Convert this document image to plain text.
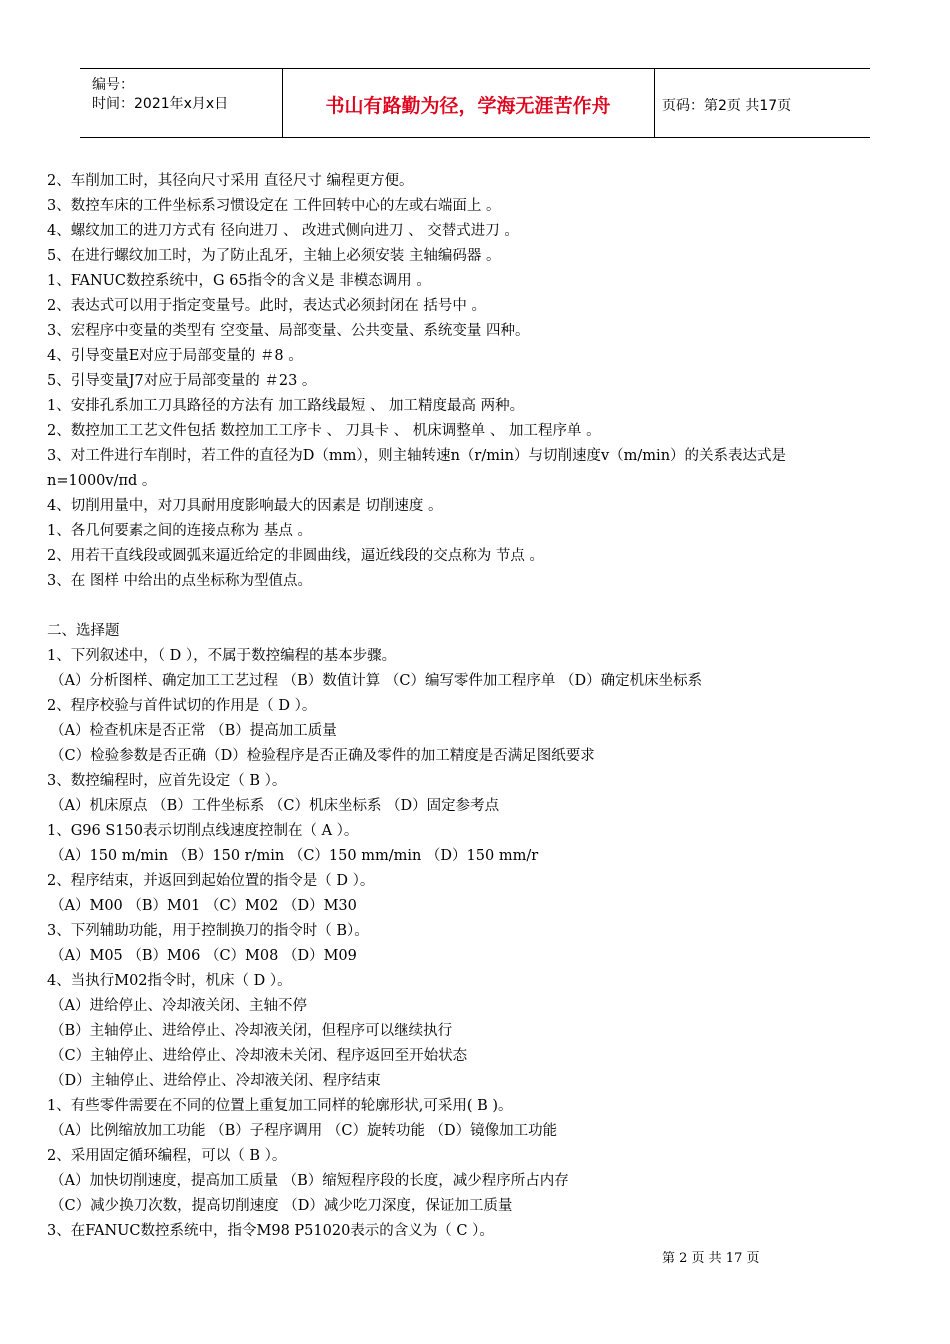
编号：
时间：2021年x月x日	书山有路勤为径，学海无涯苦作舟	页码：第2页 共17页
2、车削加工时，其径向尺寸采用 直径尺寸 编程更方便。
3、数控车床的工件坐标系习惯设定在 工件回转中心的左或右端面上 。
4、螺纹加工的进刀方式有 径向进刀 、 改进式侧向进刀 、 交替式进刀 。
5、在进行螺纹加工时，为了防止乱牙，主轴上必须安装 主轴编码器 。
1、FANUC数控系统中，G 65指令的含义是 非模态调用 。
2、表达式可以用于指定变量号。此时，表达式必须封闭在 括号中 。
3、宏程序中变量的类型有 空变量、局部变量、公共变量、系统变量 四种。
4、引导变量E对应于局部变量的 ＃8 。
5、引导变量J7对应于局部变量的 ＃23 。
1、安排孔系加工刀具路径的方法有 加工路线最短 、 加工精度最高 两种。
2、数控加工工艺文件包括 数控加工工序卡 、 刀具卡 、 机床调整单 、 加工程序单 。
3、对工件进行车削时，若工件的直径为D（mm），则主轴转速n（r/min）与切削速度v（m/min）的关系表达式是
n=1000v/πd 。
4、切削用量中，对刀具耐用度影响最大的因素是 切削速度 。
1、各几何要素之间的连接点称为 基点 。
2、用若干直线段或圆弧来逼近给定的非圆曲线，逼近线段的交点称为 节点 。
3、在 图样 中给出的点坐标称为型值点。
二、选择题
1、下列叙述中，（ D ），不属于数控编程的基本步骤。
（A）分析图样、确定加工工艺过程 （B）数值计算 （C）编写零件加工程序单 （D）确定机床坐标系
2、程序校验与首件试切的作用是（ D ）。
（A）检查机床是否正常 （B）提高加工质量
（C）检验参数是否正确（D）检验程序是否正确及零件的加工精度是否满足图纸要求
3、数控编程时，应首先设定（ B ）。
（A）机床原点 （B）工件坐标系 （C）机床坐标系 （D）固定参考点
1、G96 S150表示切削点线速度控制在（ A ）。
（A）150 m/min （B）150 r/min （C）150 mm/min （D）150 mm/r
2、程序结束，并返回到起始位置的指令是（ D ）。
（A）M00 （B）M01 （C）M02 （D）M30
3、下列辅助功能，用于控制换刀的指令时（ B）。
（A）M05 （B）M06 （C）M08 （D）M09
4、当执行M02指令时，机床（ D ）。
（A）进给停止、冷却液关闭、主轴不停
（B）主轴停止、进给停止、冷却液关闭，但程序可以继续执行
（C）主轴停止、进给停止、冷却液未关闭、程序返回至开始状态
（D）主轴停止、进给停止、冷却液关闭、程序结束
1、有些零件需要在不同的位置上重复加工同样的轮廓形状,可采用( B )。
（A）比例缩放加工功能 （B）子程序调用 （C）旋转功能 （D）镜像加工功能
2、采用固定循环编程，可以（ B ）。
（A）加快切削速度，提高加工质量 （B）缩短程序段的长度，减少程序所占内存
（C）减少换刀次数，提高切削速度 （D）减少吃刀深度，保证加工质量
3、在FANUC数控系统中，指令M98 P51020表示的含义为（ C ）。
第 2 页 共 17 页
